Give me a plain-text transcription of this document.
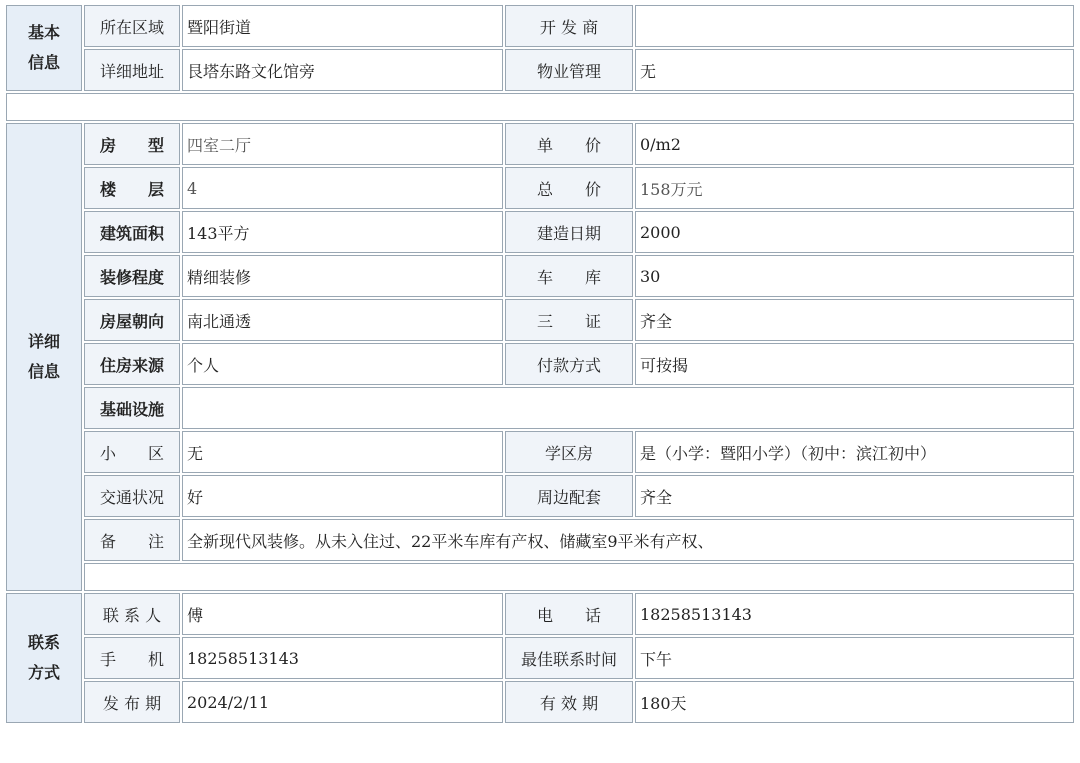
基本
信息	所在区域	暨阳街道	开 发 商	
	详细地址	艮塔东路文化馆旁	物业管理	无

详细
信息	房　　型	四室二厅	单　　价	0/m2
	楼　　层	4	总　　价	158万元
	建筑面积	143平方	建造日期	2000
	装修程度	精细装修	车　　库	30
	房屋朝向	南北通透	三　　证	齐全
	住房来源	个人	付款方式	可按揭
	基础设施			
	小　　区	无	学区房	是（小学：暨阳小学）（初中：滨江初中）
	交通状况	好	周边配套	齐全
	备　　注	全新现代风装修。从未入住过、22平米车库有产权、储藏室9平米有产权、		

联系
方式	联 系 人	傅	电　　话	18258513143
	手　　机	18258513143	最佳联系时间	下午
	发 布 期	2024/2/11	有 效 期	180天
